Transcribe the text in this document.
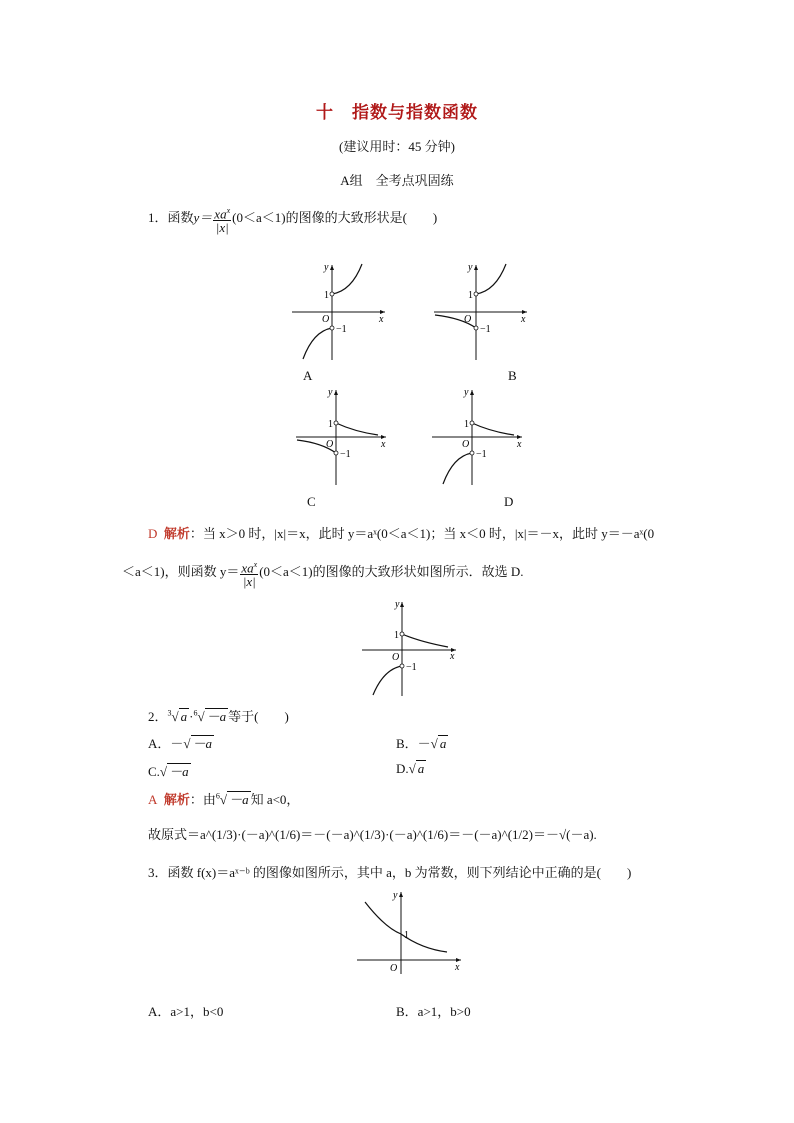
十 指数与指数函数
(建议用时：45 分钟)
A组　全考点巩固练
1．函数$y= \frac{xa^x}{|x|} (0<a<1)$的图像的大致形状是(　　)
y
x
O
1
−1
A
y
x
O
1
−1
B
y
x
O
1
−1
C
y
x
O
1
−1
D
D 解析：当 x＞0 时，|x|＝x，此时 y＝aˣ(0＜a＜1)；当 x＜0 时，|x|＝－x，此时 y＝－aˣ(0
＜a＜1)，则函数 $y= \frac{xa^x}{|x|} (0<a<1)$的图像的大致形状如图所示．故选 D.
y
x
O
1
−1
2．$^3$√ a ·$^6$√ －a 等于(　　)
A．－√ －a	B．－√ a
C.√ －a	D.√ a
A 解析：由$^6$√ －a 知 a<0，
故原式＝a^(1/3)·(－a)^(1/6)＝－(－a)^(1/3)·(－a)^(1/6)＝－(－a)^(1/2)＝－√(－a).
3．函数 f(x)＝aˣ⁻ᵇ 的图像如图所示，其中 a，b 为常数，则下列结论中正确的是(　　)
y
x
O
1
A．a>1，b<0	B．a>1，b>0
